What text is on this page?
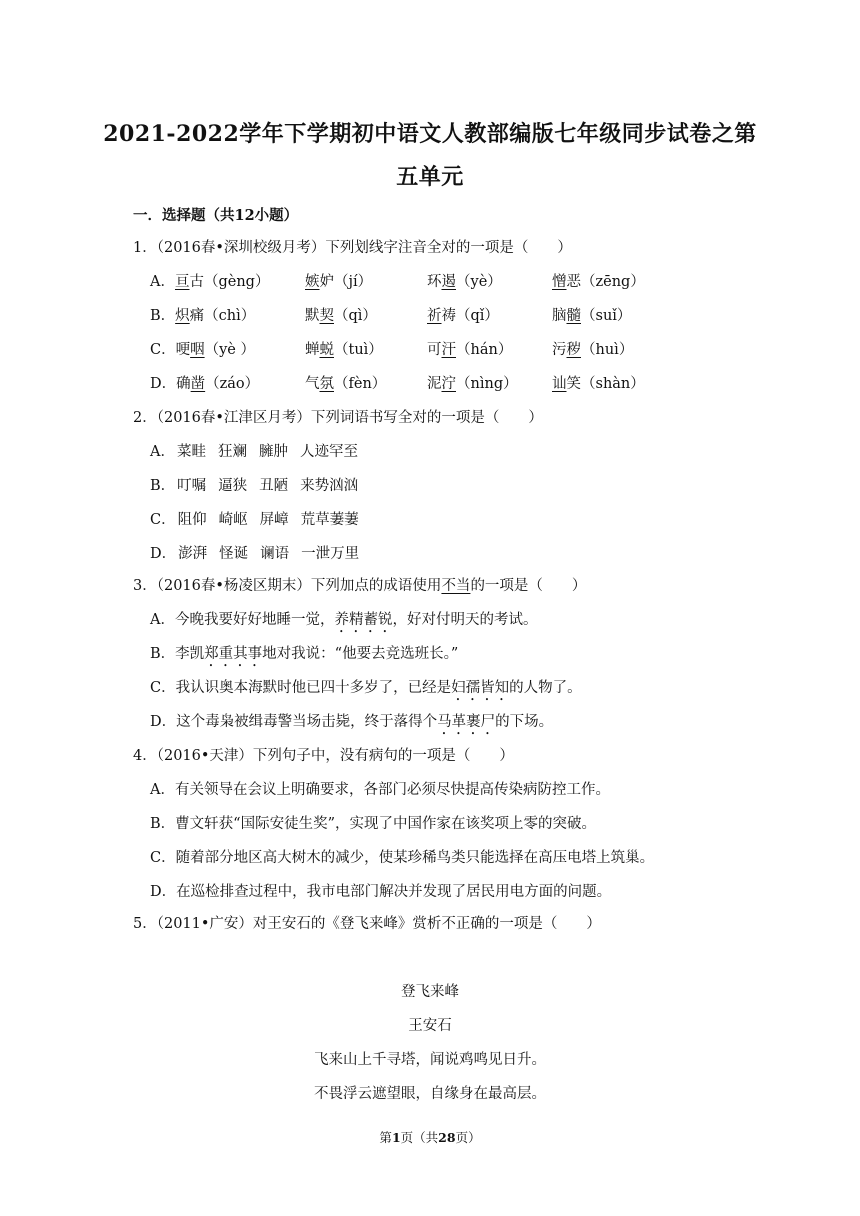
2021-2022学年下学期初中语文人教部编版七年级同步试卷之第
五单元
一．选择题（共12小题）
1．（2016春•深圳校级月考）下列划线字注音全对的一项是（　　）
A．亘古（gèng） 嫉妒（jí）	环遏（yè）	憎恶（zēng）
B．炽痛（chì）	默契（qì）	祈祷（qǐ）	脑髓（suǐ）
C．哽咽（yè ）	蝉蜕（tuì）	可汗（hán）	污秽（huì）
D．确凿（záo）	气氛（fèn）	泥泞（nìng） 讪笑（shàn）
2．（2016春•江津区月考）下列词语书写全对的一项是（　　）
A． 菜畦 狂斓 臃肿 人迹罕至
B． 叮嘱 逼狭 丑陋 来势汹汹
C． 阻仰 崎岖 屏嶂 荒草萋萋
D． 澎湃 怪诞 谰语 一泄万里
3．（2016春•杨凌区期末）下列加点的成语使用不当的一项是（　　）
A．今晚我要好好地睡一觉，养精蓄锐，好对付明天的考试。
B．李凯郑重其事地对我说：“他要去竞选班长。”
C．我认识奥本海默时他已四十多岁了，已经是妇孺皆知的人物了。
D．这个毒枭被缉毒警当场击毙，终于落得个马革裹尸的下场。
4．（2016•天津）下列句子中，没有病句的一项是（　　）
A．有关领导在会议上明确要求，各部门必须尽快提高传染病防控工作。
B．曹文轩获“国际安徒生奖”，实现了中国作家在该奖项上零的突破。
C．随着部分地区高大树木的减少，使某珍稀鸟类只能选择在高压电塔上筑巢。
D．在巡检排查过程中，我市电部门解决并发现了居民用电方面的问题。
5．（2011•广安）对王安石的《登飞来峰》赏析不正确的一项是（　　）
登飞来峰
王安石
飞来山上千寻塔，闻说鸡鸣见日升。
不畏浮云遮望眼，自缘身在最高层。
第1页（共28页）
